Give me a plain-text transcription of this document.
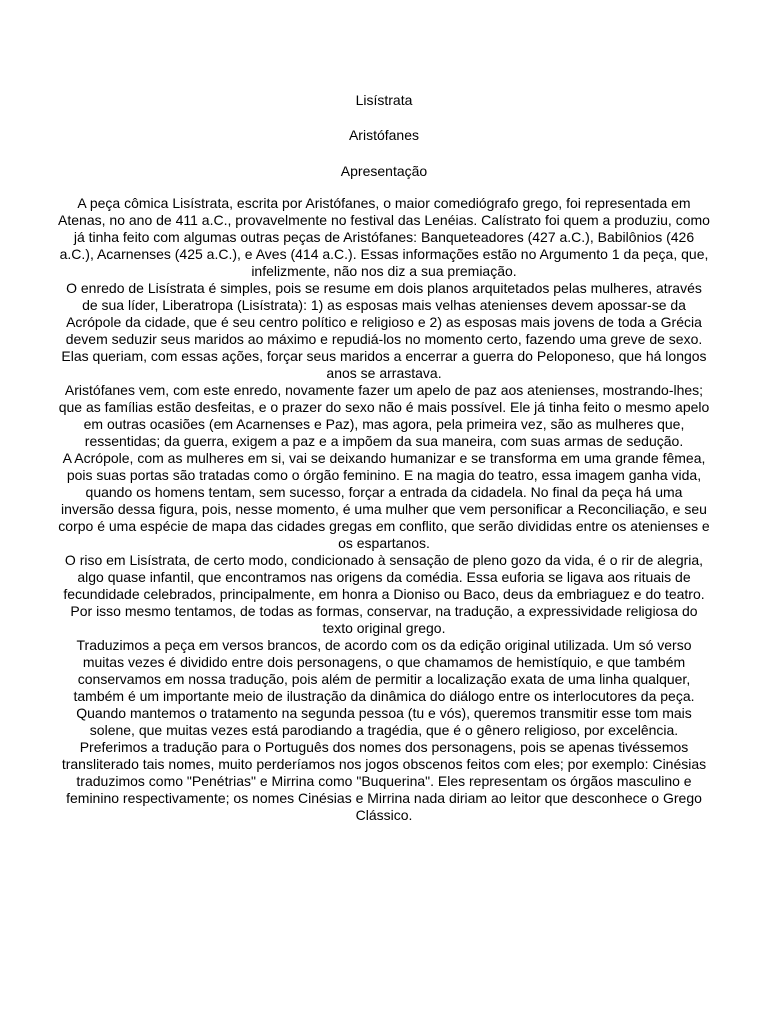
Lisístrata
Aristófanes
Apresentação

A peça cômica Lisístrata, escrita por Aristófanes, o maior comediógrafo grego, foi representada em Atenas, no ano de 411 a.C., provavelmente no festival das Lenéias. Calístrato foi quem a produziu, como já tinha feito com algumas outras peças de Aristófanes: Banqueteadores (427 a.C.), Babilônios (426 a.C.), Acarnenses (425 a.C.), e Aves (414 a.C.). Essas informações estão no Argumento 1 da peça, que, infelizmente, não nos diz a sua premiação.

O enredo de Lisístrata é simples, pois se resume em dois planos arquitetados pelas mulheres, através de sua líder, Liberatropa (Lisístrata): 1) as esposas mais velhas atenienses devem apossar-se da Acrópole da cidade, que é seu centro político e religioso e 2) as esposas mais jovens de toda a Grécia devem seduzir seus maridos ao máximo e repudiá-los no momento certo, fazendo uma greve de sexo. Elas queriam, com essas ações, forçar seus maridos a encerrar a guerra do Peloponeso, que há longos anos se arrastava.

Aristófanes vem, com este enredo, novamente fazer um apelo de paz aos atenienses, mostrando-lhes; que as famílias estão desfeitas, e o prazer do sexo não é mais possível. Ele já tinha feito o mesmo apelo em outras ocasiões (em Acarnenses e Paz), mas agora, pela primeira vez, são as mulheres que, ressentidas; da guerra, exigem a paz e a impõem da sua maneira, com suas armas de sedução.

A Acrópole, com as mulheres em si, vai se deixando humanizar e se transforma em uma grande fêmea, pois suas portas são tratadas como o órgão feminino. E na magia do teatro, essa imagem ganha vida, quando os homens tentam, sem sucesso, forçar a entrada da cidadela. No final da peça há uma inversão dessa figura, pois, nesse momento, é uma mulher que vem personificar a Reconciliação, e seu corpo é uma espécie de mapa das cidades gregas em conflito, que serão divididas entre os atenienses e os espartanos.

O riso em Lisístrata, de certo modo, condicionado à sensação de pleno gozo da vida, é o rir de alegria, algo quase infantil, que encontramos nas origens da comédia. Essa euforia se ligava aos rituais de fecundidade celebrados, principalmente, em honra a Dioniso ou Baco, deus da embriaguez e do teatro. Por isso mesmo tentamos, de todas as formas, conservar, na tradução, a expressividade religiosa do texto original grego.

Traduzimos a peça em versos brancos, de acordo com os da edição original utilizada. Um só verso muitas vezes é dividido entre dois personagens, o que chamamos de hemistíquio, e que também conservamos em nossa tradução, pois além de permitir a localização exata de uma linha qualquer, também é um importante meio de ilustração da dinâmica do diálogo entre os interlocutores da peça.

Quando mantemos o tratamento na segunda pessoa (tu e vós), queremos transmitir esse tom mais solene, que muitas vezes está parodiando a tragédia, que é o gênero religioso, por excelência.

Preferimos a tradução para o Português dos nomes dos personagens, pois se apenas tivéssemos transliterado tais nomes, muito perderíamos nos jogos obscenos feitos com eles; por exemplo: Cinésias traduzimos como "Penétrias" e Mirrina como "Buquerina". Eles representam os órgãos masculino e feminino respectivamente; os nomes Cinésias e Mirrina nada diriam ao leitor que desconhece o Grego Clássico.
